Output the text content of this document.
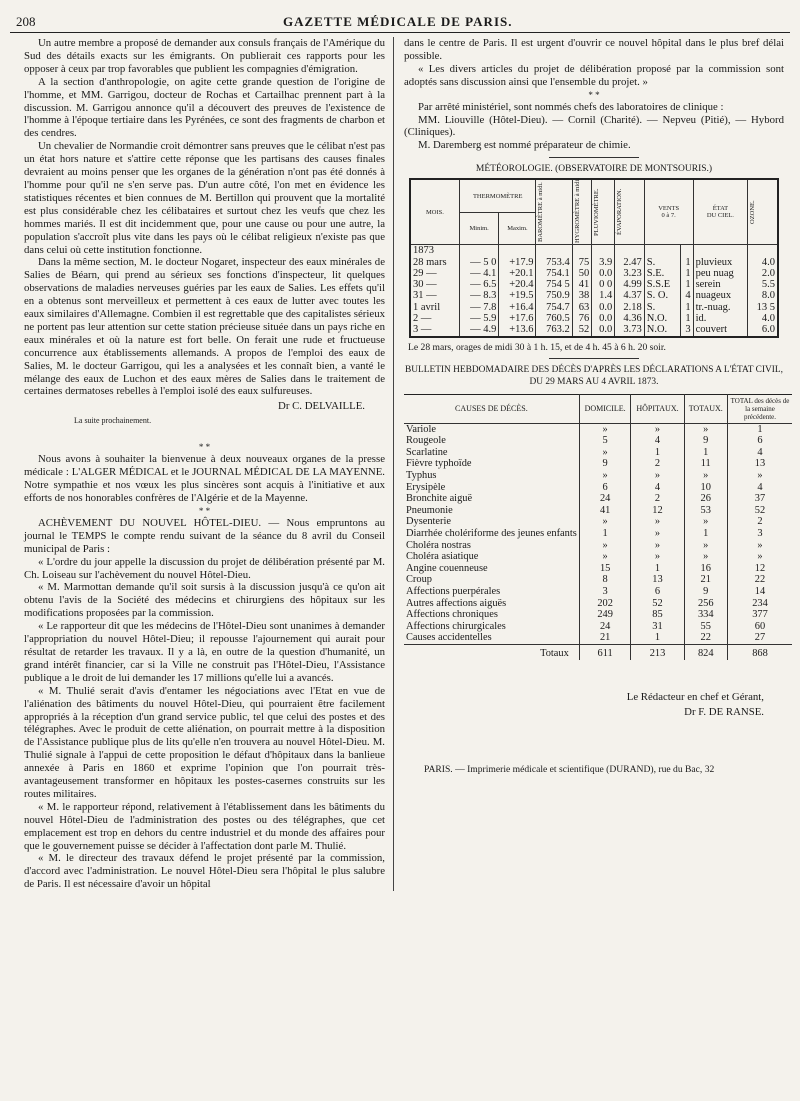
208	GAZETTE MÉDICALE DE PARIS.

Un autre membre a proposé de demander aux consuls français de l'Amérique du Sud des détails exacts sur les émigrants. On publierait ces rapports pour les opposer à ceux par trop favorables que publient les compagnies d'émigration.

A la section d'anthropologie, on agite cette grande question de l'origine de l'homme, et MM. Garrigou, docteur de Rochas et Cartailhac prennent part à la discussion. M. Garrigou annonce qu'il a découvert des preuves de l'existence de l'homme à l'époque tertiaire dans les Pyrénées, ce sont des fragments de charbon et des cendres.

Un chevalier de Normandie croit démontrer sans preuves que le célibat n'est pas un état hors nature et s'attire cette réponse que les partisans des causes finales devraient au moins penser que les organes de la génération n'ont pas été donnés à l'homme pour qu'il ne s'en serve pas. D'un autre côté, l'on met en évidence les statistiques récentes et bien connues de M. Bertillon qui prouvent que la mortalité est plus considérable chez les célibataires et surtout chez les veufs que chez les hommes mariés. Il est dit incidemment que, pour une cause ou pour une autre, la population s'accroît plus vite dans les pays où le célibat religieux n'existe pas que dans celui où cette institution fonctionne.

Dans la même section, M. le docteur Nogaret, inspecteur des eaux minérales de Salies de Béarn, qui prend au sérieux ses fonctions d'inspecteur, lit quelques observations de maladies nerveuses guéries par les eaux de Salies. Les effets qu'il en a obtenus sont merveilleux et permettent à ces eaux de lutter avec toutes les eaux similaires d'Allemagne. Combien il est regrettable que des capitalistes sérieux ne portent pas leur attention sur cette station précieuse située dans un pays riche en eaux minérales et où la nature est fort belle. On ferait une rude et fructueuse concurrence aux établissements allemands. A propos de l'emploi des eaux de Salies, M. le docteur Garrigou, qui les a analysées et les connaît bien, a vanté le mélange des eaux de Luchon et des eaux mères de Salies dans le traitement de certaines dermatoses rebelles à l'emploi isolé des eaux sulfureuses.

Dr C. DELVAILLE.

La suite prochainement.

* *

Nous avons à souhaiter la bienvenue à deux nouveaux organes de la presse médicale : L'ALGER MÉDICAL et le JOURNAL MÉDICAL DE LA MAYENNE. Notre sympathie et nos vœux les plus sincères sont acquis à l'initiative et aux efforts de nos honorables confrères de l'Algérie et de la Mayenne.

* *

ACHÈVEMENT DU NOUVEL HÔTEL-DIEU. — Nous empruntons au journal le TEMPS le compte rendu suivant de la séance du 8 avril du Conseil municipal de Paris :

« L'ordre du jour appelle la discussion du projet de délibération présenté par M. Ch. Loiseau sur l'achèvement du nouvel Hôtel-Dieu.

« M. Marmottan demande qu'il soit sursis à la discussion jusqu'à ce qu'on ait obtenu l'avis de la Société des médecins et chirurgiens des hôpitaux sur les modifications proposées par la commission.

« Le rapporteur dit que les médecins de l'Hôtel-Dieu sont unanimes à demander l'appropriation du nouvel Hôtel-Dieu; il repousse l'ajournement qui aurait pour résultat de retarder les travaux. Il y a là, en outre de la question d'humanité, un grand intérêt financier, car si la Ville ne construit pas l'Hôtel-Dieu, l'Assistance publique a le droit de lui demander les 17 millions qu'elle lui a avancés.

« M. Thulié serait d'avis d'entamer les négociations avec l'Etat en vue de l'aliénation des bâtiments du nouvel Hôtel-Dieu, qui pourraient être facilement appropriés à la réception d'un grand service public, tel que celui des postes et des télégraphes. Avec le produit de cette aliénation, on pourrait mettre à la disposition de l'Assistance publique plus de lits qu'elle n'en trouvera au nouvel Hôtel-Dieu. M. Thulié signale à l'appui de cette proposition le défaut d'hôpitaux dans la banlieue annexée à Paris en 1860 et exprime l'opinion que l'on pourrait très-avantageusement transformer en hôpitaux les postes-casernes construits sur les routes militaires.

« M. le rapporteur répond, relativement à l'établissement dans les bâtiments du nouvel Hôtel-Dieu de l'administration des postes ou des télégraphes, que cet emplacement est trop en dehors du centre industriel et du monde des affaires pour que le gouvernement puisse se décider à l'affectation dont parle M. Thulié.

« M. le directeur des travaux défend le projet présenté par la commission, d'accord avec l'administration. Le nouvel Hôtel-Dieu sera l'hôpital le plus salubre de Paris. Il est nécessaire d'avoir un hôpital

dans le centre de Paris. Il est urgent d'ouvrir ce nouvel hôpital dans le plus bref délai possible.

« Les divers articles du projet de délibération proposé par la commission sont adoptés sans discussion ainsi que l'ensemble du projet. »

* *

Par arrêté ministériel, sont nommés chefs des laboratoires de clinique :

MM. Liouville (Hôtel-Dieu). — Cornil (Charité). — Nepveu (Pitié), — Hybord (Cliniques).

M. Daremberg est nommé préparateur de chimie.

MÉTÉOROLOGIE. (OBSERVATOIRE DE MONTSOURIS.)
MOIS.	THERMOMÈTRE		BAROMÈTRE à midi.	HYGROMÈTRE à midi.	PLUVIOMÈTRE.	ÉVAPORATION.	VENTS
0 à 7.		ÉTAT
DU CIEL.	OZONE.

	Minim.	Maxim.								
1873										
28 mars	— 5 0	+17.9	753.4	75	3.9	2.47	S.	1	pluvieux	4.0
29 —	— 4.1	+20.1	754.1	50	0.0	3.23	S.E.	1	peu nuag	2.0
30 —	— 6.5	+20.4	754 5	41	0 0	4.99	S.S.E	1	serein	5.5
31 —	— 8.3	+19.5	750.9	38	1.4	4.37	S. O.	4	nuageux	8.0
1 avril	— 7.8	+16.4	754.7	63	0.0	2.18	S.	1	tr.-nuag.	13 5
2 —	— 5.9	+17.6	760.5	76	0.0	4.36	N.O.	1	id.	4.0
3 —	— 4.9	+13.6	763.2	52	0.0	3.73	N.O.	3	couvert	6.0
Le 28 mars, orages de midi 30 à 1 h. 15, et de 4 h. 45 à 6 h. 20 soir.
BULLETIN HEBDOMADAIRE DES DÉCÈS D'APRÈS LES DÉCLARATIONS A L'ÉTAT CIVIL, DU 29 MARS AU 4 AVRIL 1873.
CAUSES DE DÉCÈS.	DOMICILE.	HÔPITAUX.	TOTAUX.	TOTAL des décès de la semaine précédente.
Variole	»	»	»	1
Rougeole	5	4	9	6
Scarlatine	»	1	1	4
Fièvre typhoïde	9	2	11	13
Typhus	»	»	»	»
Erysipèle	6	4	10	4
Bronchite aiguë	24	2	26	37
Pneumonie	41	12	53	52
Dysenterie	»	»	»	2
Diarrhée cholériforme des jeunes enfants	1	»	1	3
Choléra nostras	»	»	»	»
Choléra asiatique	»	»	»	»
Angine couenneuse	15	1	16	12
Croup	8	13	21	22
Affections puerpérales	3	6	9	14
Autres affections aiguës	202	52	256	234
Affections chroniques	249	85	334	377
Affections chirurgicales	24	31	55	60
Causes accidentelles	21	1	22	27
Totaux	611	213	824	868
Le Rédacteur en chef et Gérant,
Dr F. DE RANSE.
PARIS. — Imprimerie médicale et scientifique (DURAND), rue du Bac, 32
